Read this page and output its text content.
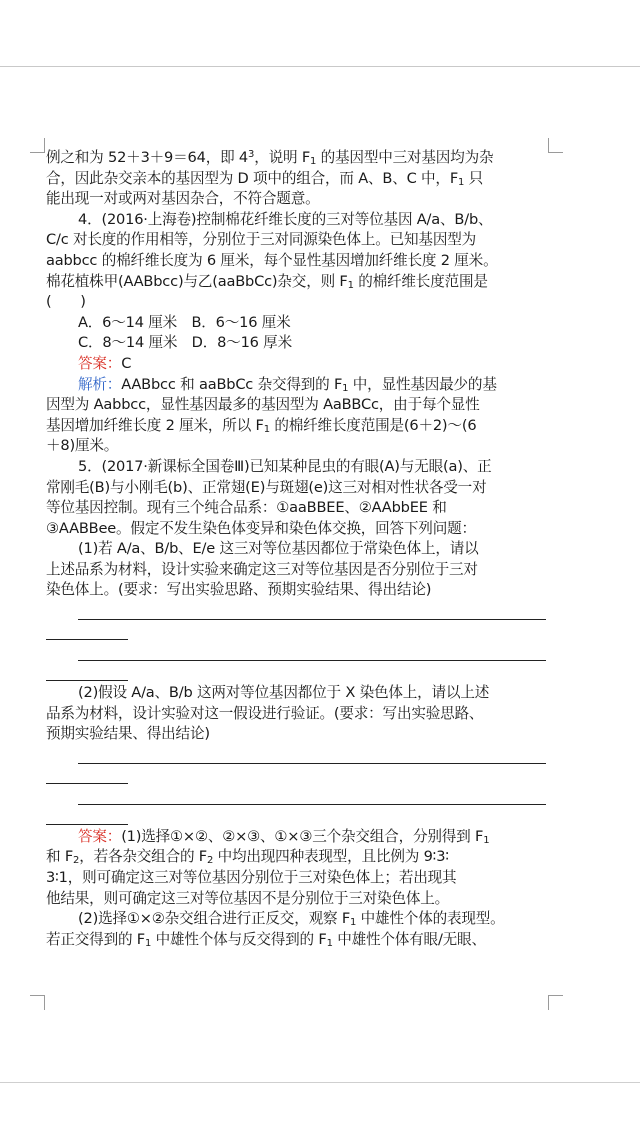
例之和为 52＋3＋9＝64，即 $4^3$，说明 $F_1$ 的基因型中三对基因均为杂

合，因此杂交亲本的基因型为 D 项中的组合，而 A、B、C 中，$F_1$ 只

能出现一对或两对基因杂合，不符合题意。

4．(2016·上海卷)控制棉花纤维长度的三对等位基因 A/a、B/b、

C/c 对长度的作用相等，分别位于三对同源染色体上。已知基因型为

aabbcc 的棉纤维长度为 6 厘米，每个显性基因增加纤维长度 2 厘米。

棉花植株甲(AABbcc)与乙(aaBbCc)杂交，则 $F_1$ 的棉纤维长度范围是

(　　)

A．6～14 厘米　B．6～16 厘米

C．8～14 厘米　D．8～16 厚米

答案：C

解析：AABbcc 和 aaBbCc 杂交得到的 $F_1$ 中，显性基因最少的基

因型为 Aabbcc，显性基因最多的基因型为 AaBBCc，由于每个显性

基因增加纤维长度 2 厘米，所以 $F_1$ 的棉纤维长度范围是(6＋2)～(6

＋8)厘米。

5．(2017·新课标全国卷Ⅲ)已知某种昆虫的有眼(A)与无眼(a)、正

常刚毛(B)与小刚毛(b)、正常翅(E)与斑翅(e)这三对相对性状各受一对

等位基因控制。现有三个纯合品系：①aaBBEE、②AAbbEE 和

③AABBee。假定不发生染色体变异和染色体交换，回答下列问题：

(1)若 A/a、B/b、E/e 这三对等位基因都位于常染色体上，请以

上述品系为材料，设计实验来确定这三对等位基因是否分别位于三对

染色体上。(要求：写出实验思路、预期实验结果、得出结论)

(2)假设 A/a、B/b 这两对等位基因都位于 X 染色体上，请以上述

品系为材料，设计实验对这一假设进行验证。(要求：写出实验思路、

预期实验结果、得出结论)

答案：(1)选择①×②、②×③、①×③三个杂交组合，分别得到 $F_1$

和 $F_2$，若各杂交组合的 $F_2$ 中均出现四种表现型，且比例为 9∶3∶

3∶1，则可确定这三对等位基因分别位于三对染色体上；若出现其

他结果，则可确定这三对等位基因不是分别位于三对染色体上。

(2)选择①×②杂交组合进行正反交，观察 $F_1$ 中雄性个体的表现型。

若正交得到的 $F_1$ 中雄性个体与反交得到的 $F_1$ 中雄性个体有眼/无眼、
